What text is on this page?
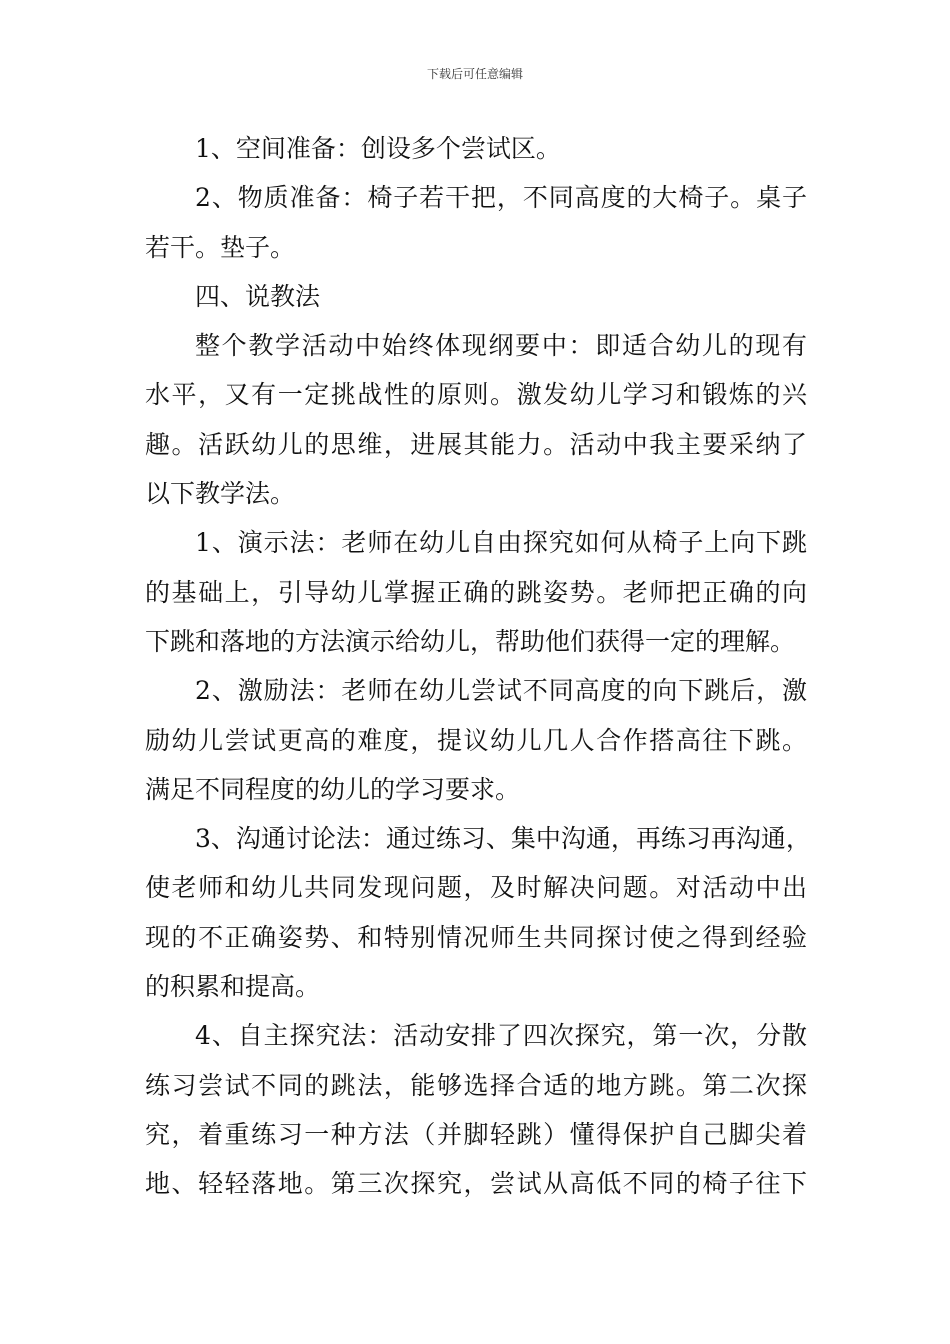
下载后可任意编辑
1、空间准备：创设多个尝试区。
2、物质准备：椅子若干把，不同高度的大椅子。桌子
若干。垫子。
四、说教法
整个教学活动中始终体现纲要中：即适合幼儿的现有
水平，又有一定挑战性的原则。激发幼儿学习和锻炼的兴
趣。活跃幼儿的思维，进展其能力。活动中我主要采纳了
以下教学法。
1、演示法：老师在幼儿自由探究如何从椅子上向下跳
的基础上，引导幼儿掌握正确的跳姿势。老师把正确的向
下跳和落地的方法演示给幼儿，帮助他们获得一定的理解。
2、激励法：老师在幼儿尝试不同高度的向下跳后，激
励幼儿尝试更高的难度，提议幼儿几人合作搭高往下跳。
满足不同程度的幼儿的学习要求。
3、沟通讨论法：通过练习、集中沟通，再练习再沟通，
使老师和幼儿共同发现问题，及时解决问题。对活动中出
现的不正确姿势、和特别情况师生共同探讨使之得到经验
的积累和提高。
4、自主探究法：活动安排了四次探究，第一次，分散
练习尝试不同的跳法，能够选择合适的地方跳。第二次探
究，着重练习一种方法（并脚轻跳）懂得保护自己脚尖着
地、轻轻落地。第三次探究，尝试从高低不同的椅子往下
